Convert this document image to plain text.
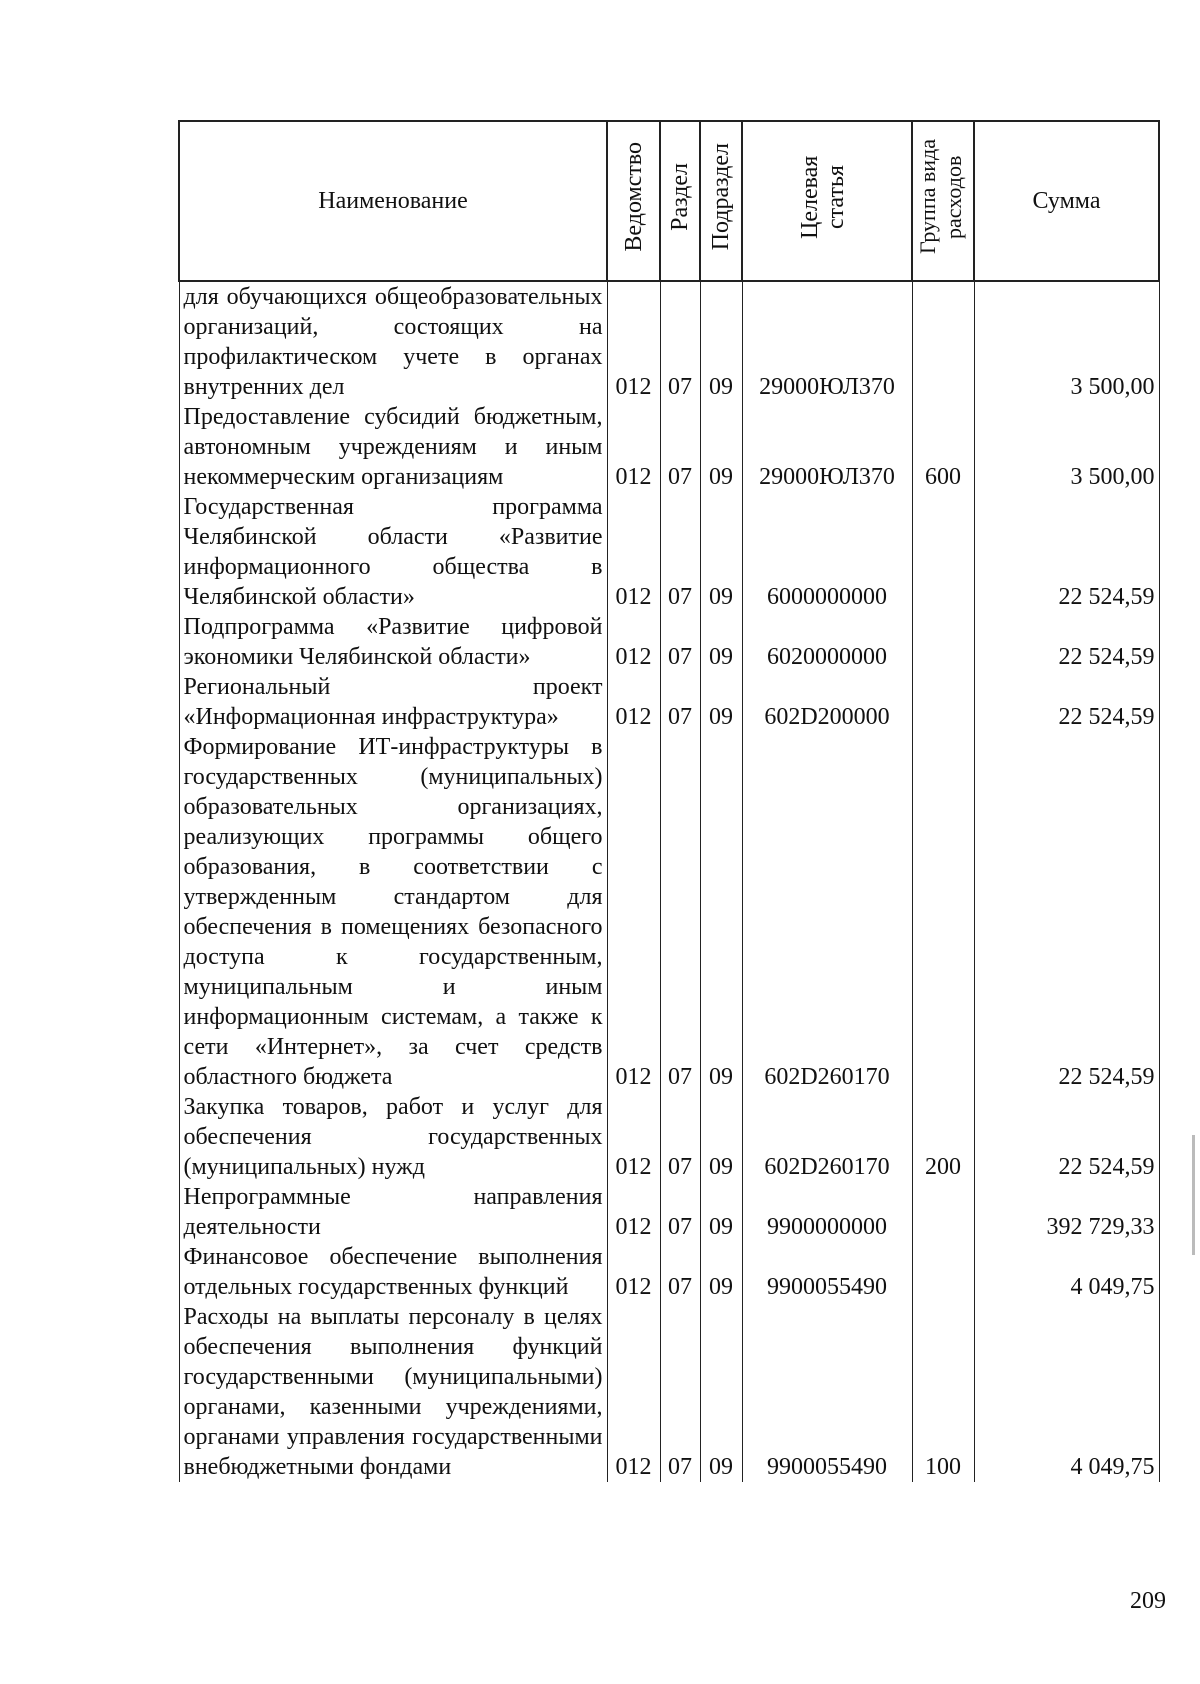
Наименование	Ведомство	Раздел	Подраздел	Целевая статья	Группа вида расходов	Сумма
для обучающихся общеобразовательных организаций, состоящих на профилактическом учете в органах внутренних дел	012	07	09	29000ЮЛ370		3 500,00
Предоставление субсидий бюджетным, автономным учреждениям и иным некоммерческим организациям	012	07	09	29000ЮЛ370	600	3 500,00
Государственная программа Челябинской области «Развитие информационного общества в Челябинской области»	012	07	09	6000000000		22 524,59
Подпрограмма «Развитие цифровой экономики Челябинской области»	012	07	09	6020000000		22 524,59
Региональный проект «Информационная инфраструктура»	012	07	09	602D200000		22 524,59
Формирование ИТ-инфраструктуры в государственных (муниципальных) образовательных организациях, реализующих программы общего образования, в соответствии с утвержденным стандартом для обеспечения в помещениях безопасного доступа к государственным, муниципальным и иным информационным системам, а также к сети «Интернет», за счет средств областного бюджета	012	07	09	602D260170		22 524,59
Закупка товаров, работ и услуг для обеспечения государственных (муниципальных) нужд	012	07	09	602D260170	200	22 524,59
Непрограммные направления деятельности	012	07	09	9900000000		392 729,33
Финансовое обеспечение выполнения отдельных государственных функций	012	07	09	9900055490		4 049,75
Расходы на выплаты персоналу в целях обеспечения выполнения функций государственными (муниципальными) органами, казенными учреждениями, органами управления государственными внебюджетными фондами	012	07	09	9900055490	100	4 049,75
209
